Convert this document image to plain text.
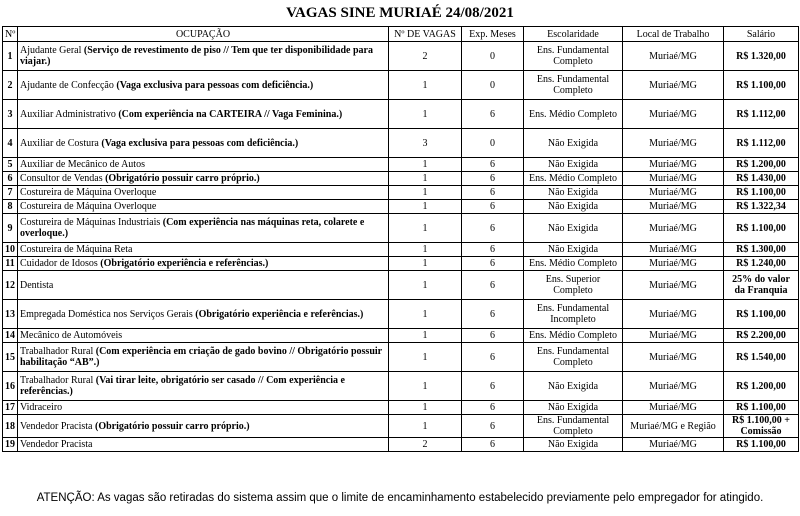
VAGAS SINE MURIAÉ 24/08/2021
Nº	OCUPAÇÃO	Nº DE VAGAS	Exp. Meses	Escolaridade	Local de Trabalho	Salário
1	Ajudante Geral (Serviço de revestimento de piso // Tem que ter disponibilidade para viajar.)	2	0	Ens. Fundamental Completo	Muriaé/MG	R$ 1.320,00
2	Ajudante de Confecção (Vaga exclusiva para pessoas com deficiência.)	1	0	Ens. Fundamental Completo	Muriaé/MG	R$ 1.100,00
3	Auxiliar Administrativo (Com experiência na CARTEIRA // Vaga Feminina.)	1	6	Ens. Médio Completo	Muriaé/MG	R$ 1.112,00
4	Auxiliar de Costura (Vaga exclusiva para pessoas com deficiência.)	3	0	Não Exigida	Muriaé/MG	R$ 1.112,00
5	Auxiliar de Mecânico de Autos	1	6	Não Exigida	Muriaé/MG	R$ 1.200,00
6	Consultor de Vendas (Obrigatório possuir carro próprio.)	1	6	Ens. Médio Completo	Muriaé/MG	R$ 1.430,00
7	Costureira de Máquina Overloque	1	6	Não Exigida	Muriaé/MG	R$ 1.100,00
8	Costureira de Máquina Overloque	1	6	Não Exigida	Muriaé/MG	R$ 1.322,34
9	Costureira de Máquinas Industriais (Com experiência nas máquinas reta, colarete e overloque.)	1	6	Não Exigida	Muriaé/MG	R$ 1.100,00
10	Costureira de Máquina Reta	1	6	Não Exigida	Muriaé/MG	R$ 1.300,00
11	Cuidador de Idosos (Obrigatório experiência e referências.)	1	6	Ens. Médio Completo	Muriaé/MG	R$ 1.240,00
12	Dentista	1	6	Ens. Superior Completo	Muriaé/MG	25% do valor da Franquia
13	Empregada Doméstica nos Serviços Gerais (Obrigatório experiência e referências.)	1	6	Ens. Fundamental Incompleto	Muriaé/MG	R$ 1.100,00
14	Mecânico de Automóveis	1	6	Ens. Médio Completo	Muriaé/MG	R$ 2.200,00
15	Trabalhador Rural (Com experiência em criação de gado bovino // Obrigatório possuir habilitação “AB”.)	1	6	Ens. Fundamental Completo	Muriaé/MG	R$ 1.540,00
16	Trabalhador Rural (Vai tirar leite, obrigatório ser casado // Com experiência e referências.)	1	6	Não Exigida	Muriaé/MG	R$ 1.200,00
17	Vidraceiro	1	6	Não Exigida	Muriaé/MG	R$ 1.100,00
18	Vendedor Pracista (Obrigatório possuir carro próprio.)	1	6	Ens. Fundamental Completo	Muriaé/MG e Região	R$ 1.100,00 + Comissão
19	Vendedor Pracista	2	6	Não Exigida	Muriaé/MG	R$ 1.100,00
ATENÇÃO: As vagas são retiradas do sistema assim que o limite de encaminhamento estabelecido previamente pelo empregador for atingido.
